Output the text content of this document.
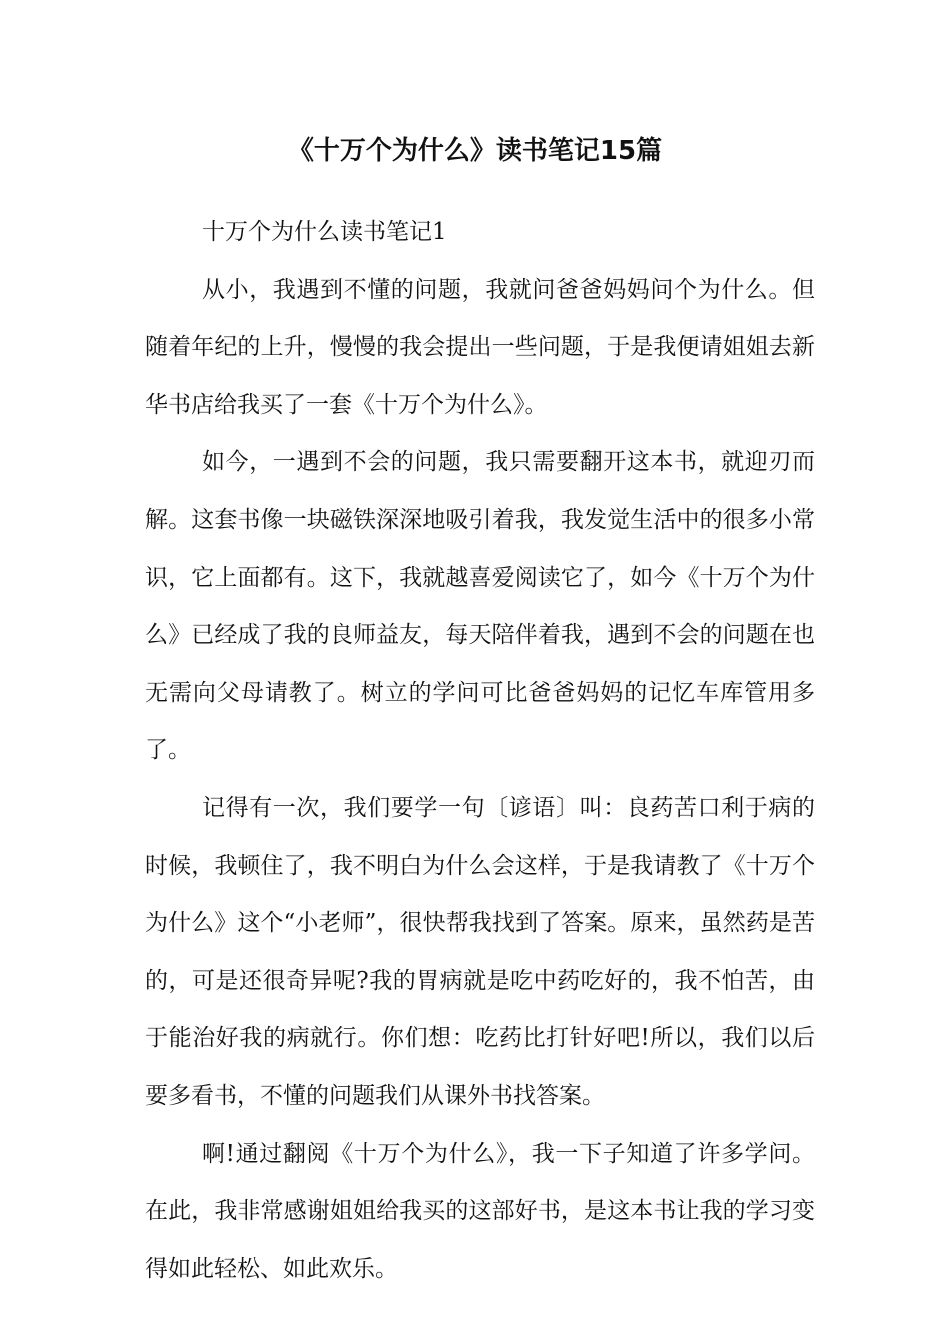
《十万个为什么》读书笔记15篇

十万个为什么读书笔记1

从小，我遇到不懂的问题，我就问爸爸妈妈问个为什么。但随着年纪的上升，慢慢的我会提出一些问题，于是我便请姐姐去新华书店给我买了一套《十万个为什么》。

如今，一遇到不会的问题，我只需要翻开这本书，就迎刃而解。这套书像一块磁铁深深地吸引着我，我发觉生活中的很多小常识，它上面都有。这下，我就越喜爱阅读它了，如今《十万个为什么》已经成了我的良师益友，每天陪伴着我，遇到不会的问题在也无需向父母请教了。树立的学问可比爸爸妈妈的记忆车库管用多了。

记得有一次，我们要学一句〔谚语〕叫：良药苦口利于病的时候，我顿住了，我不明白为什么会这样，于是我请教了《十万个为什么》这个“小老师”，很快帮我找到了答案。原来，虽然药是苦的，可是还很奇异呢?我的胃病就是吃中药吃好的，我不怕苦，由于能治好我的病就行。你们想：吃药比打针好吧!所以，我们以后要多看书，不懂的问题我们从课外书找答案。

啊!通过翻阅《十万个为什么》，我一下子知道了许多学问。在此，我非常感谢姐姐给我买的这部好书，是这本书让我的学习变得如此轻松、如此欢乐。
